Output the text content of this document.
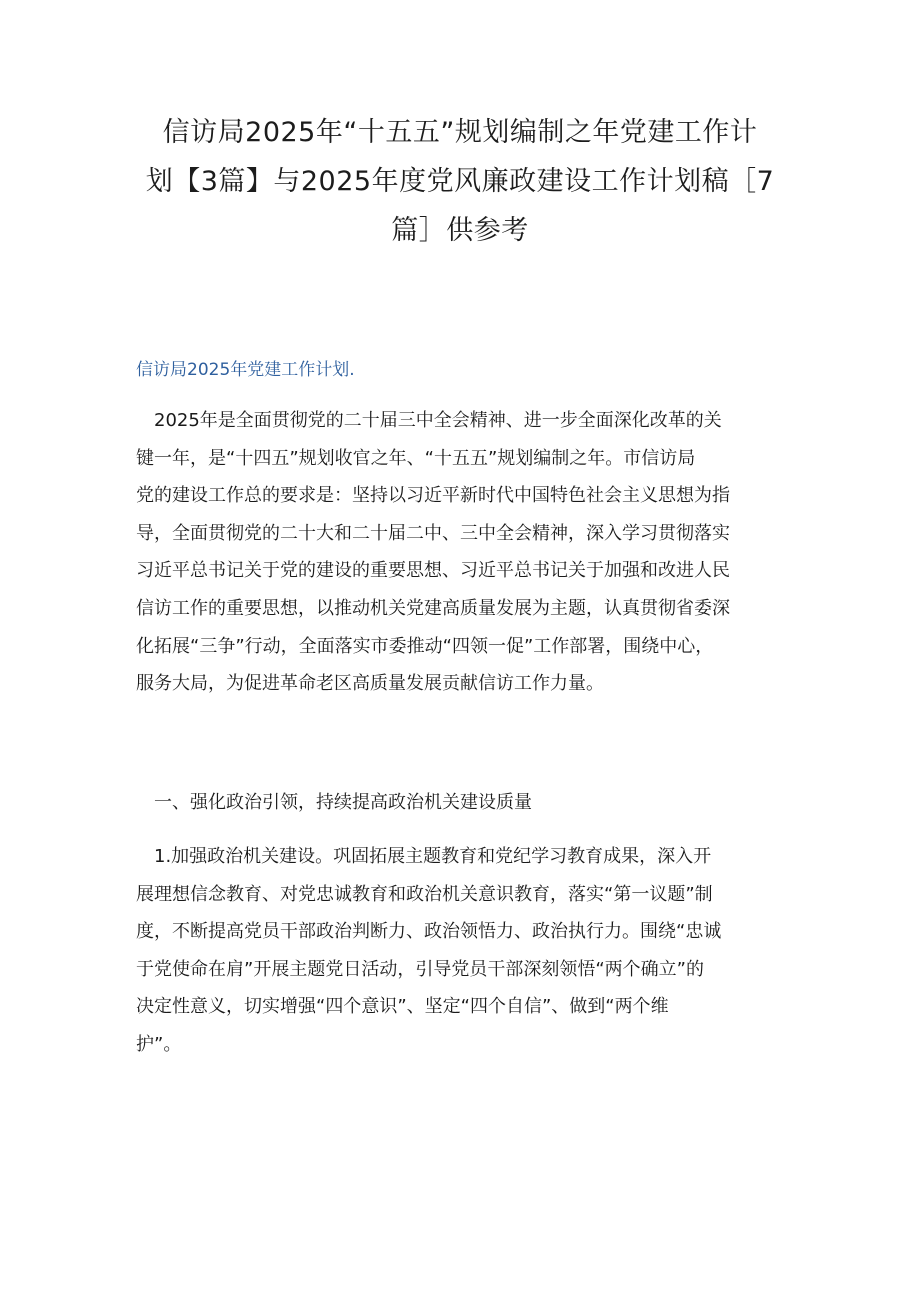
信访局2025年“十五五”规划编制之年党建工作计
划【3篇】与2025年度党风廉政建设工作计划稿［7
篇］供参考
信访局2025年党建工作计划.
　2025年是全面贯彻党的二十届三中全会精神、进一步全面深化改革的关
键一年，是“十四五”规划收官之年、“十五五”规划编制之年。市信访局
党的建设工作总的要求是：坚持以习近平新时代中国特色社会主义思想为指
导，全面贯彻党的二十大和二十届二中、三中全会精神，深入学习贯彻落实
习近平总书记关于党的建设的重要思想、习近平总书记关于加强和改进人民
信访工作的重要思想，以推动机关党建高质量发展为主题，认真贯彻省委深
化拓展“三争”行动，全面落实市委推动“四领一促”工作部署，围绕中心，
服务大局，为促进革命老区高质量发展贡献信访工作力量。
　一、强化政治引领，持续提高政治机关建设质量
　1.加强政治机关建设。巩固拓展主题教育和党纪学习教育成果，深入开
展理想信念教育、对党忠诚教育和政治机关意识教育，落实“第一议题”制
度，不断提高党员干部政治判断力、政治领悟力、政治执行力。围绕“忠诚
于党使命在肩”开展主题党日活动，引导党员干部深刻领悟“两个确立”的
决定性意义，切实增强“四个意识”、坚定“四个自信”、做到“两个维
护”。
